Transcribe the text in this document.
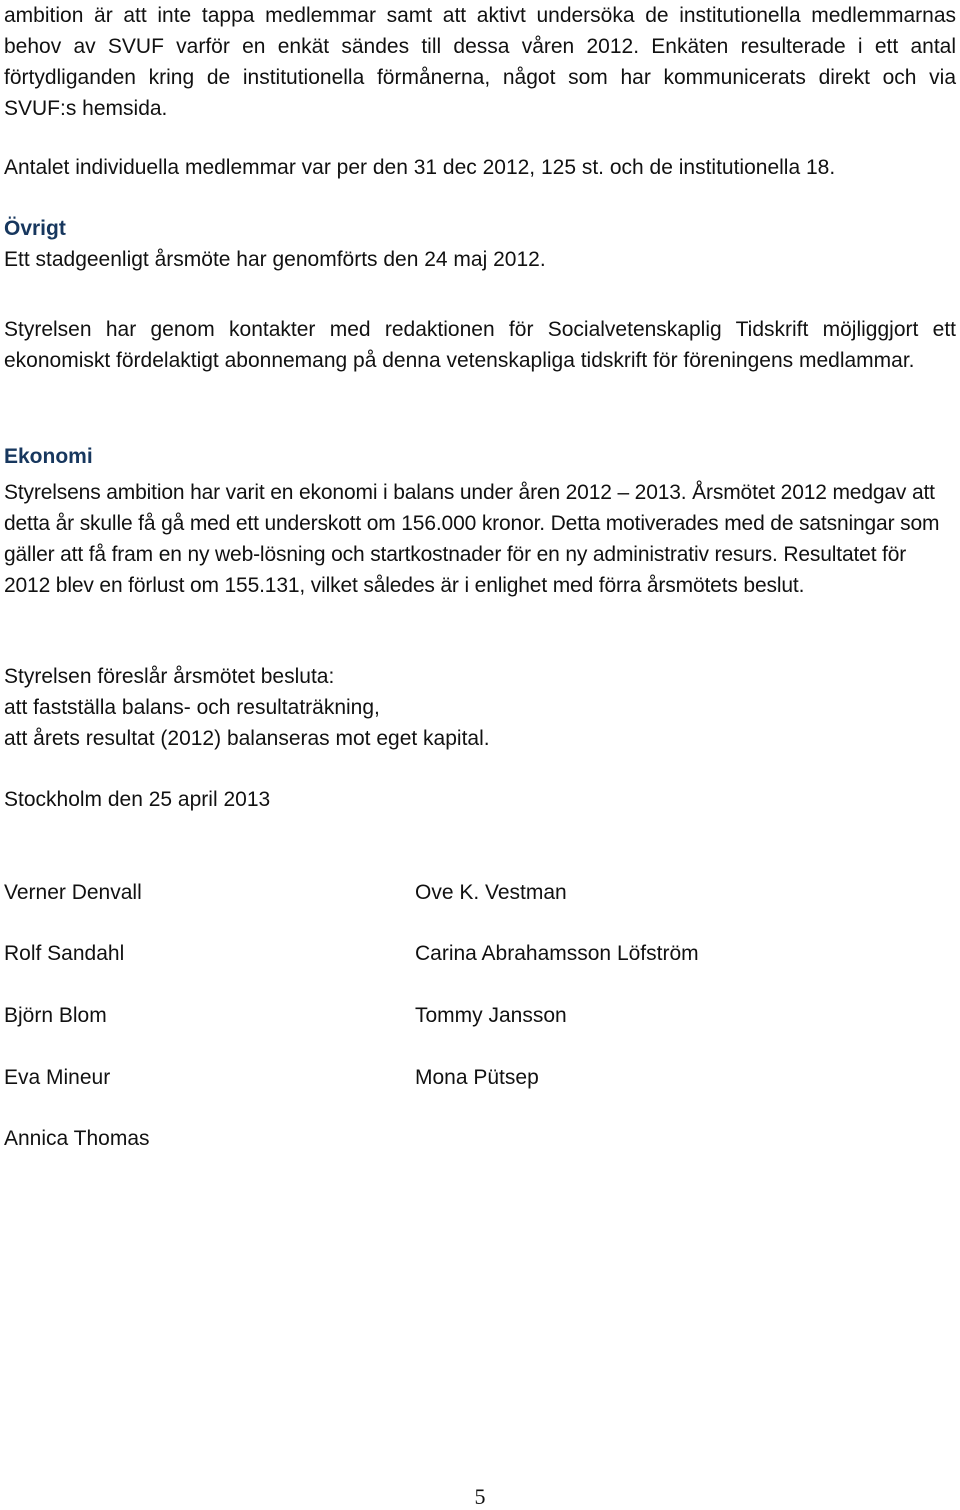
ambition är att inte tappa medlemmar samt att aktivt undersöka de institutionella medlemmarnas behov av SVUF varför en enkät sändes till dessa våren 2012. Enkäten resulterade i ett antal förtydliganden kring de institutionella förmånerna, något som har kommunicerats direkt och via SVUF:s hemsida.

Antalet individuella medlemmar var per den 31 dec 2012, 125 st. och de institutionella 18.

Övrigt

Ett stadgeenligt årsmöte har genomförts den 24 maj 2012.

Styrelsen har genom kontakter med redaktionen för Socialvetenskaplig Tidskrift möjliggjort ett ekonomiskt fördelaktigt abonnemang på denna vetenskapliga tidskrift för föreningens medlammar.

Ekonomi

Styrelsens ambition har varit en ekonomi i balans under åren 2012 – 2013. Årsmötet 2012 medgav att detta år skulle få gå med ett underskott om 156.000 kronor. Detta motiverades med de satsningar som gäller att få fram en ny web-lösning och startkostnader för en ny administrativ resurs. Resultatet för 2012 blev en förlust om 155.131, vilket således är i enlighet med förra årsmötets beslut.

Styrelsen föreslår årsmötet besluta:

att fastställa balans- och resultaträkning,

att årets resultat (2012) balanseras mot eget kapital.

Stockholm den 25 april 2013

Verner Denvall	Ove K. Vestman
Rolf Sandahl	Carina Abrahamsson Löfström
Björn Blom	Tommy Jansson
Eva Mineur	Mona Pütsep
Annica Thomas
5
